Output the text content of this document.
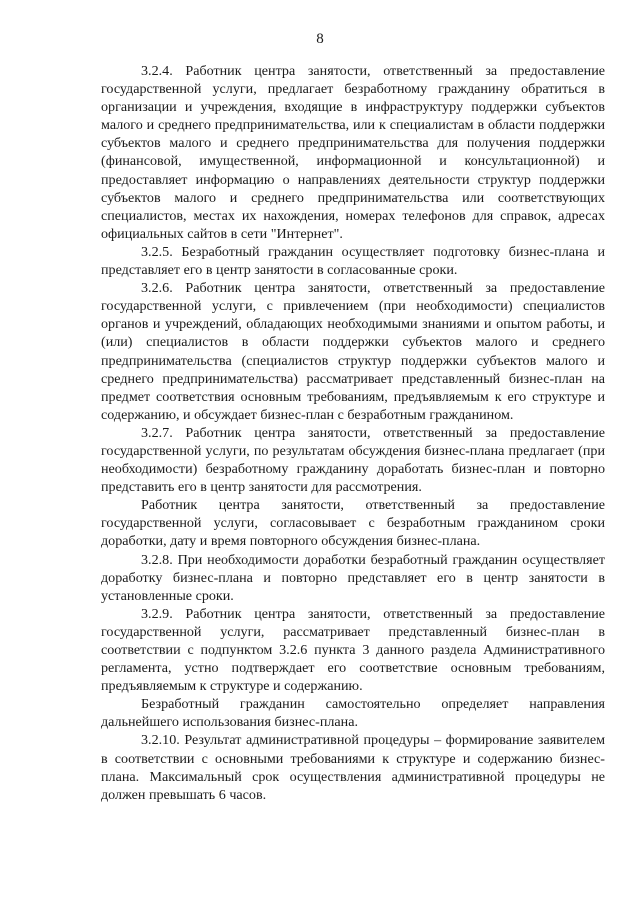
8

3.2.4. Работник центра занятости, ответственный за предоставление государственной услуги, предлагает безработному гражданину обратиться в организации и учреждения, входящие в инфраструктуру поддержки субъектов малого и среднего предпринимательства, или к специалистам в области поддержки субъектов малого и среднего предпринимательства для получения поддержки (финансовой, имущественной, информационной и консультационной) и предоставляет информацию о направлениях деятельности структур поддержки субъектов малого и среднего предпринимательства или соответствующих специалистов, местах их нахождения, номерах телефонов для справок, адресах официальных сайтов в сети "Интернет".

3.2.5. Безработный гражданин осуществляет подготовку бизнес-плана и представляет его в центр занятости в согласованные сроки.

3.2.6. Работник центра занятости, ответственный за предоставление государственной услуги, с привлечением (при необходимости) специалистов органов и учреждений, обладающих необходимыми знаниями и опытом работы, и (или) специалистов в области поддержки субъектов малого и среднего предпринимательства (специалистов структур поддержки субъектов малого и среднего предпринимательства) рассматривает представленный бизнес-план на предмет соответствия основным требованиям, предъявляемым к его структуре и содержанию, и обсуждает бизнес-план с безработным гражданином.

3.2.7. Работник центра занятости, ответственный за предоставление государственной услуги, по результатам обсуждения бизнес-плана предлагает (при необходимости) безработному гражданину доработать бизнес-план и повторно представить его в центр занятости для рассмотрения.

Работник центра занятости, ответственный за предоставление государственной услуги, согласовывает с безработным гражданином сроки доработки, дату и время повторного обсуждения бизнес-плана.

3.2.8. При необходимости доработки безработный гражданин осуществляет доработку бизнес-плана и повторно представляет его в центр занятости в установленные сроки.

3.2.9. Работник центра занятости, ответственный за предоставление государственной услуги, рассматривает представленный бизнес-план в соответствии с подпунктом 3.2.6 пункта 3 данного раздела Административного регламента, устно подтверждает его соответствие основным требованиям, предъявляемым к структуре и содержанию.

Безработный гражданин самостоятельно определяет направления дальнейшего использования бизнес-плана.

3.2.10. Результат административной процедуры – формирование заявителем в соответствии с основными требованиями к структуре и содержанию бизнес-плана. Максимальный срок осуществления административной процедуры не должен превышать 6 часов.
